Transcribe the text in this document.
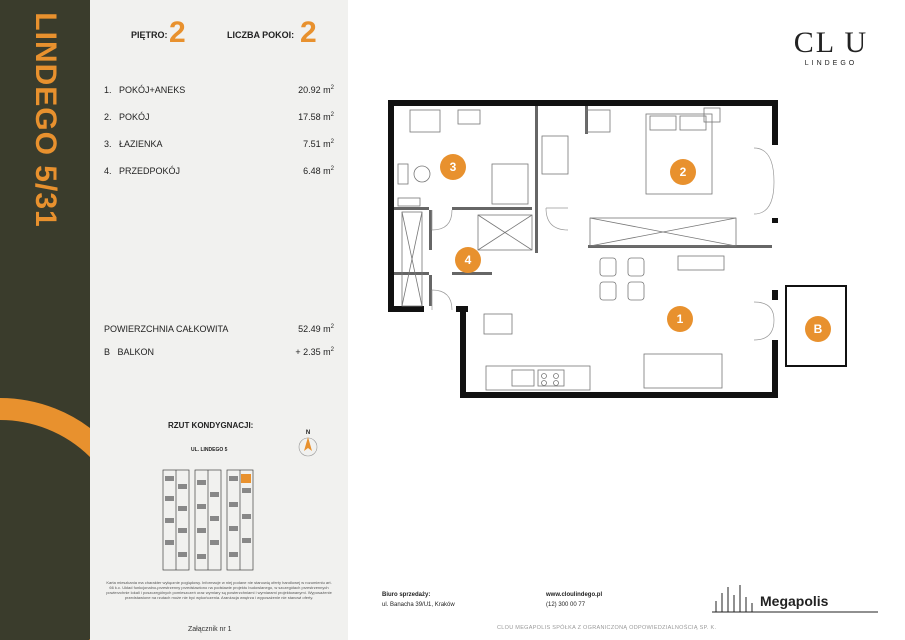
LINDEGO 5/31	PIĘTRO: 2	LICZBA POKOI: 2
1. POKÓJ+ANEKS	20.92 $m^2$
2. POKÓJ	17.58 $m^2$
3. ŁAZIENKA	7.51 $m^2$
4. PRZEDPOKÓJ	6.48 $m^2$
POWIERZCHNIA CAŁKOWITA	52.49 $m^2$
B BALKON	+ 2.35 $m^2$
RZUT KONDYGNACJI:
UL. LINDEGO 5
N
Karta mieszkania ma charakter wyłącznie poglądowy. Informacje w niej podane nie stanowią oferty handlowej w rozumieniu art. 66 k.c. Układ funkcjonalno-przestrzenny przedstawiono na podstawie projektu budowlanego, w szczegółach przestrzennych powierzchnie lokali i poszczególnych pomieszczeń oraz wymiary są powierzchniami i wymiarami projektowanymi. Wyposażenie przedstawione na rzutach może nie być wykończenia. Aranżacja wnętrza i wyposażenie nie stanowi oferty.
Załącznik nr 1
3	2
4
1
B
CL U
LINDEGO
Biuro sprzedaży:
ul. Banacha 39/U1, Kraków
www.cloulindego.pl
(12) 300 00 77	Megapolis
CLOU MEGAPOLIS SPÓŁKA Z OGRANICZONĄ ODPOWIEDZIALNOŚCIĄ SP. K.
